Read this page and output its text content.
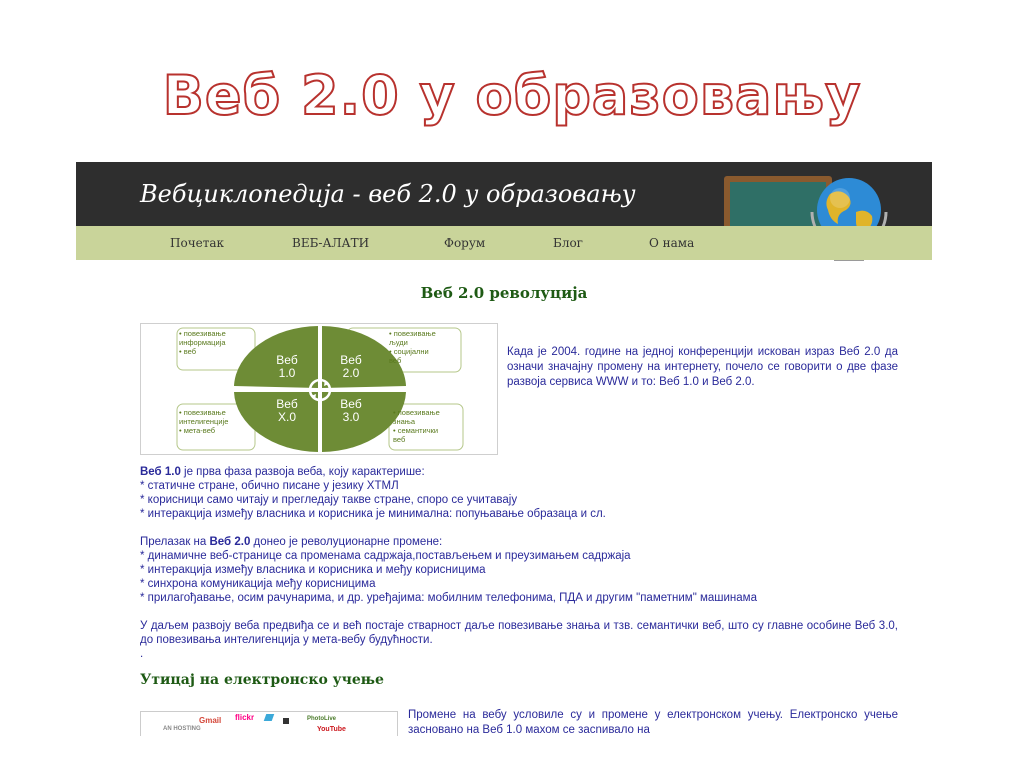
Веб 2.0 у образовању
Вебциклопедија - веб 2.0 у образовању
Почетак	ВЕБ-АЛАТИ	Форум	Блог	О нама
Веб 2.0 револуција
Веб
1.0
Веб
2.0
Веб
Х.0
Веб
3.0
• повезивање
информација
• веб
• повезивање
људи
• социјални
веб
• повезивање
интелигенције
• мета-веб
• повезивање
знања
• семантички
веб
Када је 2004. године на једној конференцији искован израз Веб 2.0 да означи значајну промену на интернету, почело се говорити о две фазе развоја сервиса WWW и то: Веб 1.0 и Веб 2.0.

Веб 1.0 је прва фаза развоја веба, коју карактерише:

* статичне стране, обично писане у језику ХТМЛ

* корисници само читају и прегледају такве стране, споро се учитавају

* интеракција између власника и корисника је минимална: попуњавање образаца и сл.

Прелазак на Веб 2.0 донео је револуционарне промене:

* динамичне веб-странице са променама садржаја,постављењем и преузимањем садржаја

* интеракција између власника и корисника и међу корисницима

* синхрона комуникација међу корисницима

* прилагођавање, осим рачунарима, и др. уређајима: мобилним телефонима, ПДА и другим "паметним" машинама

У даљем развоју веба предвиђа се и већ постаје стварност даље повезивање знања и тзв. семантички веб, што су главне особине Веб 3.0, до повезивања интелигенција у мета-вебу будућности.

.

Утицај на електронско учење
Gmail flickr
AN HOSTING	YouTube
PhotoLive	Промене на вебу условиле су и промене у електронском учењу. Електронско учење засновано на Веб 1.0 махом се засnивало на
